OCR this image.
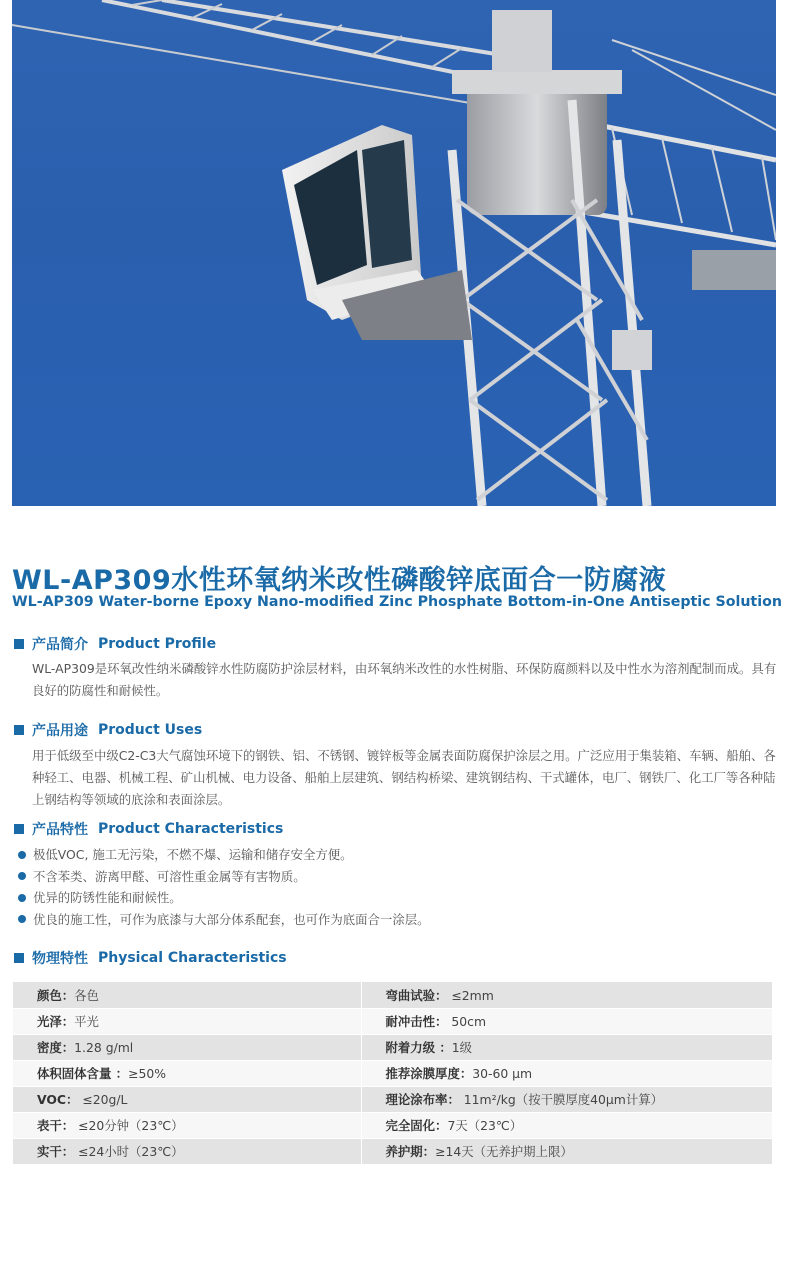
WL-AP309水性环氧纳米改性磷酸锌底面合一防腐液
WL-AP309 Water-borne Epoxy Nano-modified Zinc Phosphate Bottom-in-One Antiseptic Solution
产品简介 Product Profile

WL-AP309是环氧改性纳米磷酸锌水性防腐防护涂层材料，由环氧纳米改性的水性树脂、环保防腐颜料以及中性水为溶剂配制而成。具有良好的防腐性和耐候性。

产品用途 Product Uses

用于低级至中级C2-C3大气腐蚀环境下的钢铁、铝、不锈钢、镀锌板等金属表面防腐保护涂层之用。广泛应用于集装箱、车辆、船舶、各种轻工、电器、机械工程、矿山机械、电力设备、船舶上层建筑、钢结构桥梁、建筑钢结构、干式罐体，电厂、钢铁厂、化工厂等各种陆上钢结构等领域的底涂和表面涂层。

产品特性 Product Characteristics
极低VOC, 施工无污染，不燃不爆、运输和储存安全方便。
不含苯类、游离甲醛、可溶性重金属等有害物质。
优异的防锈性能和耐候性。
优良的施工性，可作为底漆与大部分体系配套，也可作为底面合一涂层。
物理特性 Physical Characteristics
颜色：各色	弯曲试验： ≤2mm
光泽：平光	耐冲击性： 50cm
密度：1.28 g/ml	附着力级 ：1级
体积固体含量 ：≥50%	推荐涂膜厚度：30-60 μm
VOC： ≤20g/L	理论涂布率： 11m²/kg（按干膜厚度40μm计算）
表干： ≤20分钟（23℃）	完全固化：7天（23℃）
实干： ≤24小时（23℃）	养护期：≥14天（无养护期上限）
